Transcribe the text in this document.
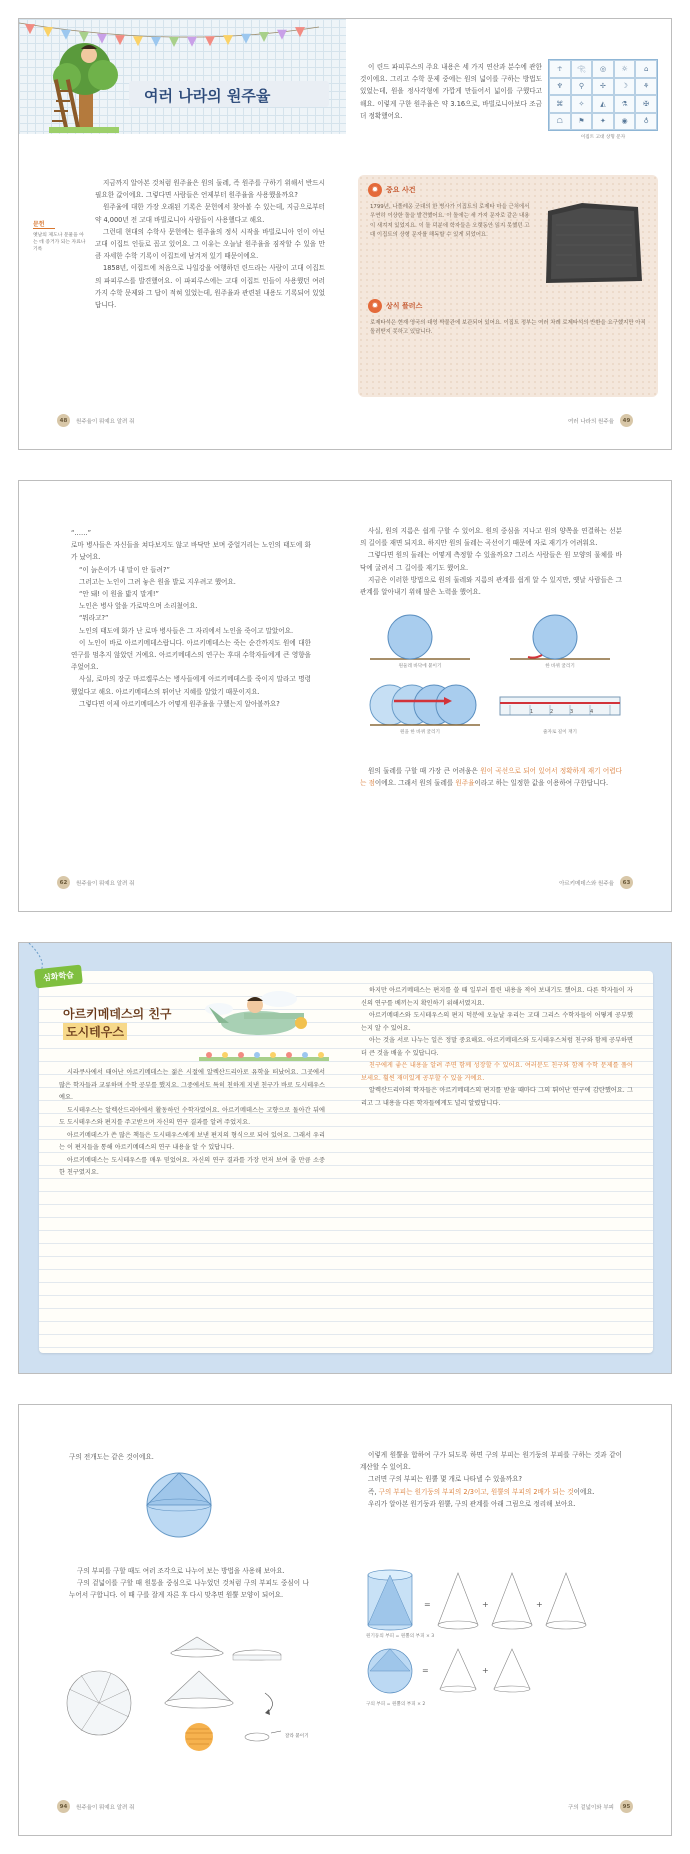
여러 나라의 원주율
문헌
옛날의 제도나 문물을 아는 데 증거가 되는 자료나 기록

지금까지 알아본 것처럼 원주율은 원의 둘레, 즉 원주를 구하기 위해서 반드시 필요한 값이에요. 그렇다면 사람들은 언제부터 원주율을 사용했을까요?

원주율에 대한 가장 오래된 기록은 문헌에서 찾아볼 수 있는데, 지금으로부터 약 4,000년 전 고대 바빌로니아 사람들이 사용했다고 해요.

그런데 현대의 수학사 문헌에는 원주율의 정식 시작을 바빌로니아 인이 아닌 고대 이집트 인들로 꼽고 있어요. 그 이유는 오늘날 원주율을 짐작할 수 있을 만큼 자세한 수학 기록이 이집트에 남겨져 있기 때문이에요.

1858년, 이집트에 처음으로 나일강을 여행하던 린드라는 사람이 고대 이집트의 파피루스를 발견했어요. 이 파피루스에는 고대 이집트 인들이 사용했던 여러 가지 수학 문제와 그 답이 적혀 있었는데, 원주율과 관련된 내용도 기록되어 있었답니다.

48	원주율이 뭐예요 알려 줘

이 린드 파피루스의 주요 내용은 세 가지 연산과 분수에 관한 것이에요. 그리고 수학 문제 중에는 원의 넓이를 구하는 방법도 있었는데, 원을 정사각형에 가깝게 만들어서 넓이를 구했다고 해요. 이렇게 구한 원주율은 약 3.16으로, 바빌로니아보다 조금 더 정확했어요.

☥	𓂀	◎	☼	⌂
♆	⚲	✢	☽	⚘
⌘	✧	◭	⚗	✠
☖	⚑	✦	◉	♁
이집트 고대 상형 문자
✹	중요 사건
1799년, 나폴레옹 군대의 한 병사가 이집트의 로제타 마을 근처에서 우연히 이상한 돌을 발견했어요. 이 돌에는 세 가지 문자로 같은 내용이 새겨져 있었지요. 이 돌 덕분에 학자들은 오랫동안 읽지 못했던 고대 이집트의 상형 문자를 해독할 수 있게 되었어요.
✹	상식 플러스
로제타석은 현재 영국의 대영 박물관에 보관되어 있어요. 이집트 정부는 여러 차례 로제타석의 반환을 요구했지만 아직 돌려받지 못하고 있답니다.
여러 나라의 원주율	49

“……”

로마 병사들은 자신들을 쳐다보지도 않고 바닥만 보며 중얼거리는 노인의 태도에 화가 났어요.

“이 늙은이가 내 말이 안 들려?”

그러고는 노인이 그려 놓은 원을 발로 지우려고 했어요.

“안 돼! 이 원을 밟지 말게!”

노인은 병사 앞을 가로막으며 소리쳤어요.

“뭐라고?”

노인의 태도에 화가 난 로마 병사들은 그 자리에서 노인을 죽이고 말았어요.

이 노인이 바로 아르키메데스랍니다. 아르키메데스는 죽는 순간까지도 원에 대한 연구를 멈추지 않았던 거예요. 아르키메데스의 연구는 후대 수학자들에게 큰 영향을 주었어요.

사실, 로마의 장군 마르켈루스는 병사들에게 아르키메데스를 죽이지 말라고 명령했었다고 해요. 아르키메데스의 뛰어난 지혜를 알았기 때문이지요.

그렇다면 이제 아르키메데스가 어떻게 원주율을 구했는지 알아볼까요?

62	원주율이 뭐예요 알려 줘

사실, 원의 지름은 쉽게 구할 수 있어요. 원의 중심을 지나고 원의 양쪽을 연결하는 선분의 길이를 재면 되지요. 하지만 원의 둘레는 곡선이기 때문에 자로 재기가 어려워요.

그렇다면 원의 둘레는 어떻게 측정할 수 있을까요? 그리스 사람들은 원 모양의 물체를 바닥에 굴려서 그 길이를 재기도 했어요.

지금은 이러한 방법으로 원의 둘레와 지름의 관계를 쉽게 알 수 있지만, 옛날 사람들은 그 관계를 알아내기 위해 많은 노력을 했어요.

1	2	3	4
원둘레 바닥에 붙이기	한 바퀴 굴리기
원을 한 바퀴 굴리기	줄자로 길이 재기

원의 둘레를 구할 때 가장 큰 어려움은 원이 곡선으로 되어 있어서 정확하게 재기 어렵다는 점이에요. 그래서 원의 둘레를 원주율이라고 하는 일정한 값을 이용하여 구한답니다.

아르키메데스와 원주율	63
심화학습
아르키메데스의 친구
도시테우스

시라쿠사에서 태어난 아르키메데스는 젊은 시절에 알렉산드리아로 유학을 떠났어요. 그곳에서 많은 학자들과 교류하며 수학 공부를 했지요. 그중에서도 특히 친하게 지낸 친구가 바로 도시테우스예요.

도시테우스는 알렉산드리아에서 활동하던 수학자였어요. 아르키메데스는 고향으로 돌아간 뒤에도 도시테우스와 편지를 주고받으며 자신의 연구 결과를 알려 주었지요.

아르키메데스가 쓴 많은 책들은 도시테우스에게 보낸 편지의 형식으로 되어 있어요. 그래서 우리는 이 편지들을 통해 아르키메데스의 연구 내용을 알 수 있답니다.

아르키메데스는 도시테우스를 매우 믿었어요. 자신의 연구 결과를 가장 먼저 보여 줄 만큼 소중한 친구였지요.

하지만 아르키메데스는 편지를 쓸 때 일부러 틀린 내용을 적어 보내기도 했어요. 다른 학자들이 자신의 연구를 베끼는지 확인하기 위해서였지요.

아르키메데스와 도시테우스의 편지 덕분에 오늘날 우리는 고대 그리스 수학자들이 어떻게 공부했는지 알 수 있어요.

아는 것을 서로 나누는 일은 정말 중요해요. 아르키메데스와 도시테우스처럼 친구와 함께 공부하면 더 큰 것을 배울 수 있답니다.

친구에게 좋은 내용을 알려 주면 함께 성장할 수 있어요. 여러분도 친구와 함께 수학 문제를 풀어 보세요. 훨씬 재미있게 공부할 수 있을 거예요.

알렉산드리아의 학자들은 아르키메데스의 편지를 받을 때마다 그의 뛰어난 연구에 감탄했어요. 그리고 그 내용을 다른 학자들에게도 널리 알렸답니다.

구의 전개도는 같은 것이에요.

구의 부피를 구할 때도 여러 조각으로 나누어 보는 방법을 사용해 보아요.

구의 겉넓이를 구할 때 원통을 중심으로 나누었던 것처럼 구의 부피도 중심이 나누어서 구합니다. 이 때 구를 잘게 자른 후 다시 맞추면 원뿔 모양이 되어요.

잘라 붙이기
94	원주율이 뭐예요 알려 줘

이렇게 원뿔을 합하여 구가 되도록 하면 구의 부피는 원기둥의 부피를 구하는 것과 같이 계산할 수 있어요.

그러면 구의 부피는 원뿔 몇 개로 나타낼 수 있을까요?

즉, 구의 부피는 원기둥의 부피의 2/3이고, 원뿔의 부피의 2배가 되는 것이에요.

우리가 알아본 원기둥과 원뿔, 구의 관계를 아래 그림으로 정리해 보아요.

=	+	+
=	+
원기둥의 부피 = 원뿔의 부피 × 3
구의 부피 = 원뿔의 부피 × 2
구의 겉넓이와 부피	95
